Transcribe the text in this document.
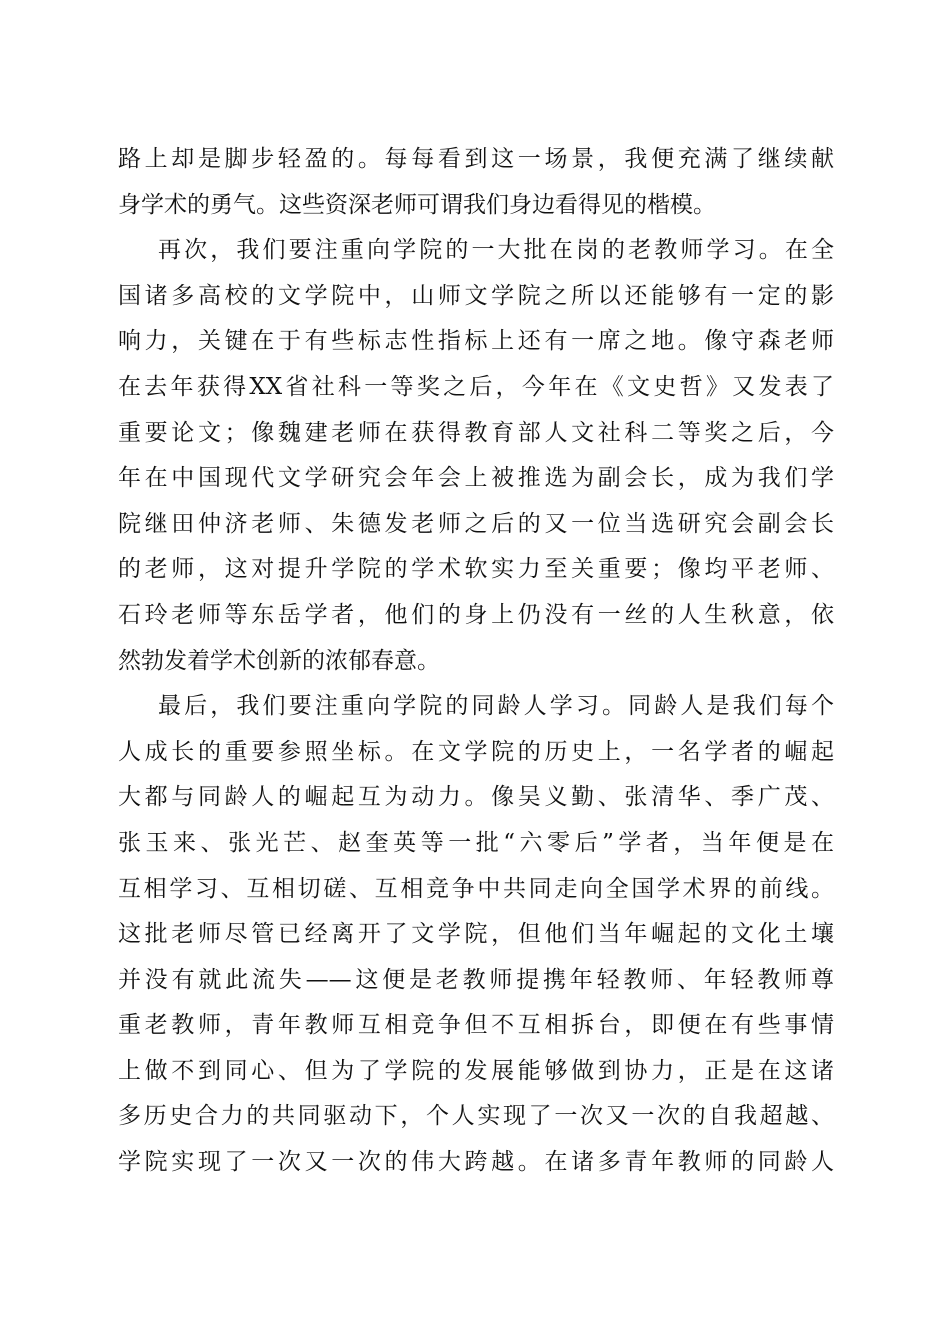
路上却是脚步轻盈的。每每看到这一场景，我便充满了继续献
身学术的勇气。这些资深老师可谓我们身边看得见的楷模。
再次，我们要注重向学院的一大批在岗的老教师学习。在全
国诸多高校的文学院中，山师文学院之所以还能够有一定的影
响力，关键在于有些标志性指标上还有一席之地。像守森老师
在去年获得XX省社科一等奖之后，今年在《文史哲》又发表了
重要论文；像魏建老师在获得教育部人文社科二等奖之后，今
年在中国现代文学研究会年会上被推选为副会长，成为我们学
院继田仲济老师、朱德发老师之后的又一位当选研究会副会长
的老师，这对提升学院的学术软实力至关重要；像均平老师、
石玲老师等东岳学者，他们的身上仍没有一丝的人生秋意，依
然勃发着学术创新的浓郁春意。
最后，我们要注重向学院的同龄人学习。同龄人是我们每个
人成长的重要参照坐标。在文学院的历史上，一名学者的崛起
大都与同龄人的崛起互为动力。像吴义勤、张清华、季广茂、
张玉来、张光芒、赵奎英等一批“六零后”学者，当年便是在
互相学习、互相切磋、互相竞争中共同走向全国学术界的前线。
这批老师尽管已经离开了文学院，但他们当年崛起的文化土壤
并没有就此流失——这便是老教师提携年轻教师、年轻教师尊
重老教师，青年教师互相竞争但不互相拆台，即便在有些事情
上做不到同心、但为了学院的发展能够做到协力，正是在这诸
多历史合力的共同驱动下，个人实现了一次又一次的自我超越、
学院实现了一次又一次的伟大跨越。在诸多青年教师的同龄人
